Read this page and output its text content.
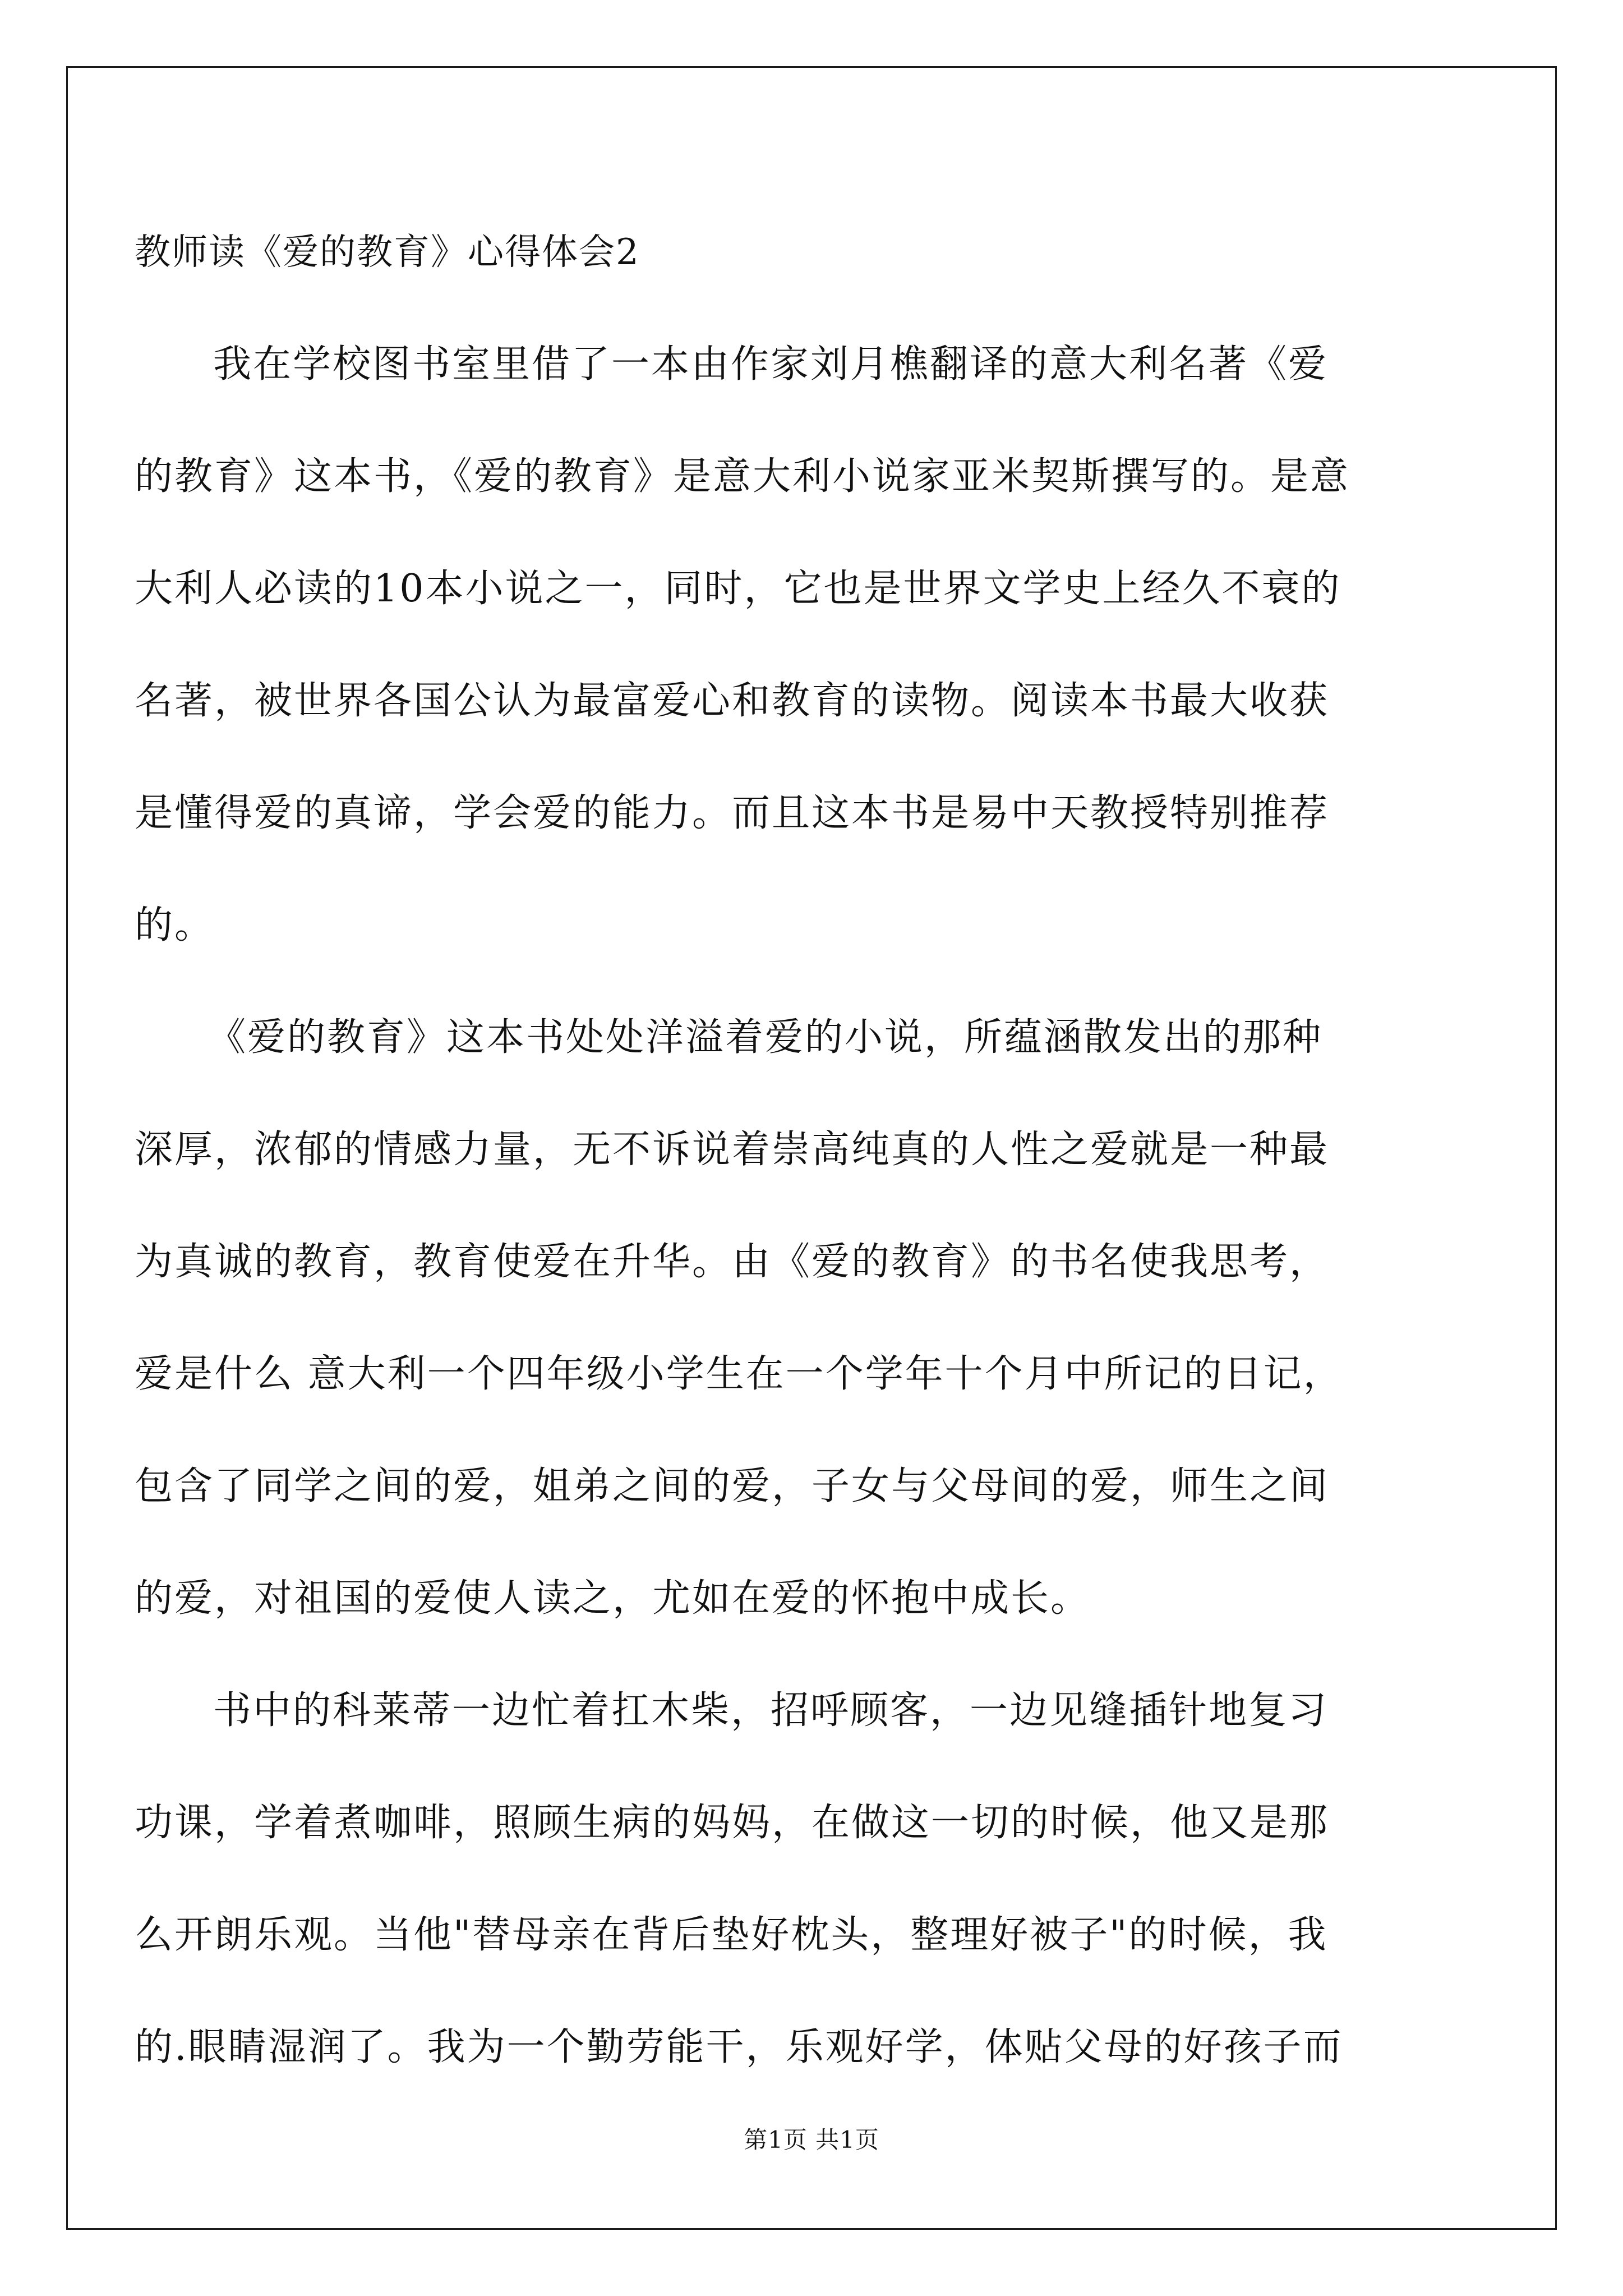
教师读《爱的教育》心得体会2
我在学校图书室里借了一本由作家刘月樵翻译的意大利名著《爱
的教育》这本书，《爱的教育》是意大利小说家亚米契斯撰写的。是意
大利人必读的10本小说之一，同时，它也是世界文学史上经久不衰的
名著，被世界各国公认为最富爱心和教育的读物。阅读本书最大收获
是懂得爱的真谛，学会爱的能力。而且这本书是易中天教授特别推荐
的。
《爱的教育》这本书处处洋溢着爱的小说，所蕴涵散发出的那种
深厚，浓郁的情感力量，无不诉说着崇高纯真的人性之爱就是一种最
为真诚的教育，教育使爱在升华。由《爱的教育》的书名使我思考，
爱是什么 意大利一个四年级小学生在一个学年十个月中所记的日记，
包含了同学之间的爱，姐弟之间的爱，子女与父母间的爱，师生之间
的爱，对祖国的爱使人读之，尤如在爱的怀抱中成长。
书中的科莱蒂一边忙着扛木柴，招呼顾客，一边见缝插针地复习
功课，学着煮咖啡，照顾生病的妈妈，在做这一切的时候，他又是那
么开朗乐观。当他"替母亲在背后垫好枕头，整理好被子"的时候，我
的.眼睛湿润了。我为一个勤劳能干，乐观好学，体贴父母的好孩子而
第1页 共1页
